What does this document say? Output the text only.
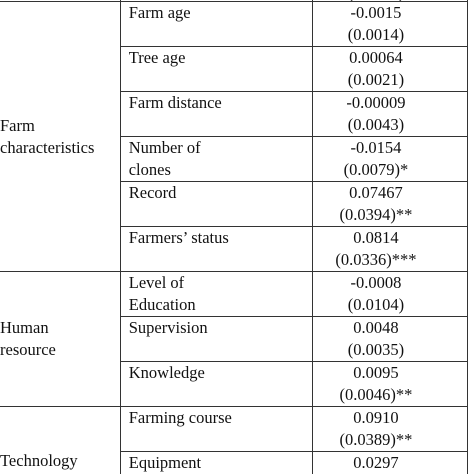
Farm
characteristics	Farm age	-0.0015
(0.0014)

	Tree age	0.00064
(0.0021)

	Farm distance	-0.00009
(0.0043)

	Number of
clones	-0.0154
(0.0079)*

	Record	0.07467
(0.0394)**

	Farmers’ status	0.0814
(0.0336)***

Human
resource	Level of
Education	-0.0008
(0.0104)

	Supervision	0.0048
(0.0035)

	Knowledge	0.0095
(0.0046)**

Technology	Farming course	0.0910
(0.0389)**

	Equipment	0.0297
